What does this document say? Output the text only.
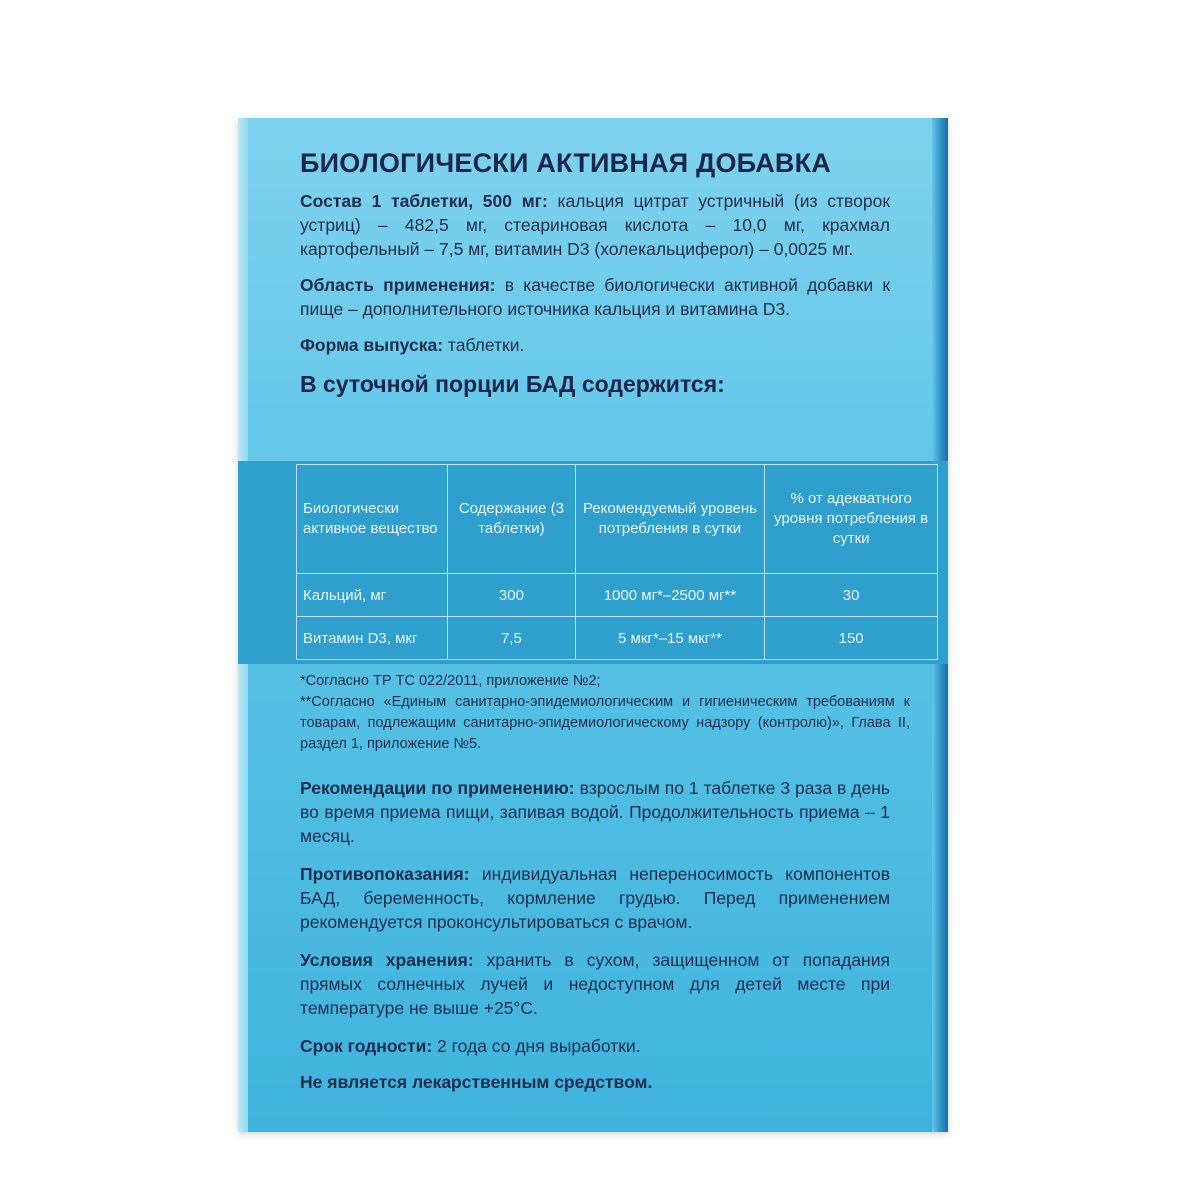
БИОЛОГИЧЕСКИ АКТИВНАЯ ДОБАВКА

Состав 1 таблетки, 500 мг: кальция цитрат устричный (из створок устриц) – 482,5 мг, стеариновая кислота – 10,0 мг, крахмал картофельный – 7,5 мг, витамин D3 (холекальциферол) – 0,0025 мг.

Область применения: в качестве биологически активной добавки к пище – дополнительного источника кальция и витамина D3.

Форма выпуска: таблетки.

В суточной порции БАД содержится:
Биологически активное вещество	Содержание (3 таблетки)	Рекомендуемый уровень потребления в сутки	% от адекватного уровня потребления в сутки
Кальций, мг	300	1000 мг*–2500 мг**	30
Витамин D3, мкг	7,5	5 мкг*–15 мкг**	150
*Согласно ТР ТС 022/2011, приложение №2;
**Согласно «Единым санитарно-эпидемиологическим и гигиеническим требованиям к товарам, подлежащим санитарно-эпидемиологическому надзору (контролю)», Глава II, раздел 1, приложение №5.

Рекомендации по применению: взрослым по 1 таблетке 3 раза в день во время приема пищи, запивая водой. Продолжительность приема – 1 месяц.

Противопоказания: индивидуальная непереносимость компонентов БАД, беременность, кормление грудью. Перед применением рекомендуется проконсультироваться с врачом.

Условия хранения: хранить в сухом, защищенном от попадания прямых солнечных лучей и недоступном для детей месте при температуре не выше +25°С.

Срок годности: 2 года со дня выработки.

Не является лекарственным средством.
